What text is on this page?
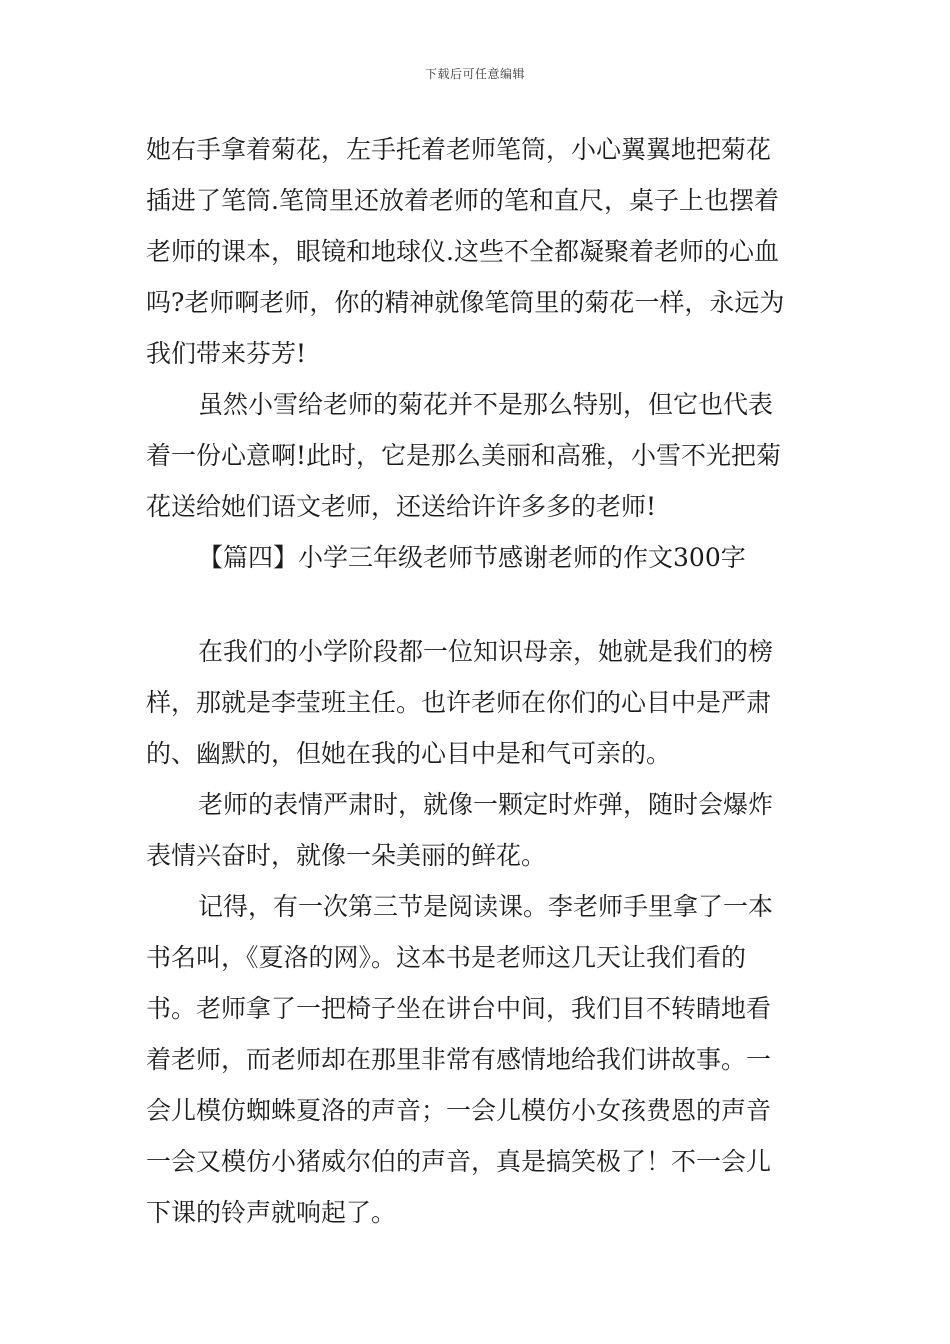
下载后可任意编辑
她右手拿着菊花，左手托着老师笔筒，小心翼翼地把菊花
插进了笔筒.笔筒里还放着老师的笔和直尺，桌子上也摆着
老师的课本，眼镜和地球仪.这些不全都凝聚着老师的心血
吗?老师啊老师，你的精神就像笔筒里的菊花一样，永远为
我们带来芬芳!
虽然小雪给老师的菊花并不是那么特别，但它也代表
着一份心意啊!此时，它是那么美丽和高雅，小雪不光把菊
花送给她们语文老师，还送给许许多多的老师!
【篇四】小学三年级老师节感谢老师的作文300字
在我们的小学阶段都一位知识母亲，她就是我们的榜
样，那就是李莹班主任。也许老师在你们的心目中是严肃
的、幽默的，但她在我的心目中是和气可亲的。
老师的表情严肃时，就像一颗定时炸弹，随时会爆炸
表情兴奋时，就像一朵美丽的鲜花。
记得，有一次第三节是阅读课。李老师手里拿了一本
书名叫，《夏洛的网》。这本书是老师这几天让我们看的
书。老师拿了一把椅子坐在讲台中间，我们目不转睛地看
着老师，而老师却在那里非常有感情地给我们讲故事。一
会儿模仿蜘蛛夏洛的声音；一会儿模仿小女孩费恩的声音
一会又模仿小猪威尔伯的声音，真是搞笑极了！不一会儿
下课的铃声就响起了。
